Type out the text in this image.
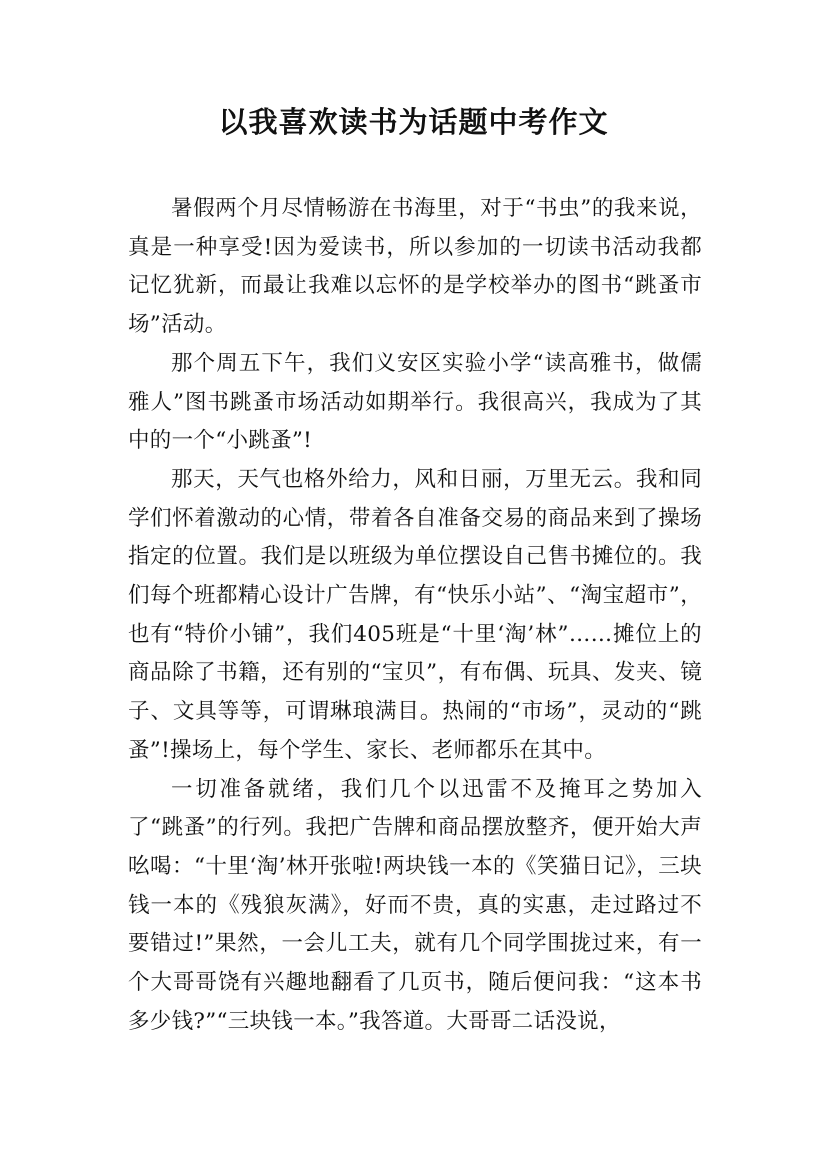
以我喜欢读书为话题中考作文

暑假两个月尽情畅游在书海里，对于“书虫”的我来说，真是一种享受!因为爱读书，所以参加的一切读书活动我都记忆犹新，而最让我难以忘怀的是学校举办的图书“跳蚤市场”活动。

那个周五下午，我们义安区实验小学“读高雅书，做儒雅人”图书跳蚤市场活动如期举行。我很高兴，我成为了其中的一个“小跳蚤”!

那天，天气也格外给力，风和日丽，万里无云。我和同学们怀着激动的心情，带着各自准备交易的商品来到了操场指定的位置。我们是以班级为单位摆设自己售书摊位的。我们每个班都精心设计广告牌，有“快乐小站”、“淘宝超市”，也有“特价小铺”，我们405班是“十里‘淘’林”……摊位上的商品除了书籍，还有别的“宝贝”，有布偶、玩具、发夹、镜子、文具等等，可谓琳琅满目。热闹的“市场”，灵动的“跳蚤”!操场上，每个学生、家长、老师都乐在其中。

一切准备就绪，我们几个以迅雷不及掩耳之势加入了“跳蚤”的行列。我把广告牌和商品摆放整齐，便开始大声吆喝：“十里‘淘’林开张啦!两块钱一本的《笑猫日记》，三块钱一本的《残狼灰满》，好而不贵，真的实惠，走过路过不要错过!”果然，一会儿工夫，就有几个同学围拢过来，有一个大哥哥饶有兴趣地翻看了几页书，随后便问我：“这本书多少钱?”“三块钱一本。”我答道。大哥哥二话没说，
